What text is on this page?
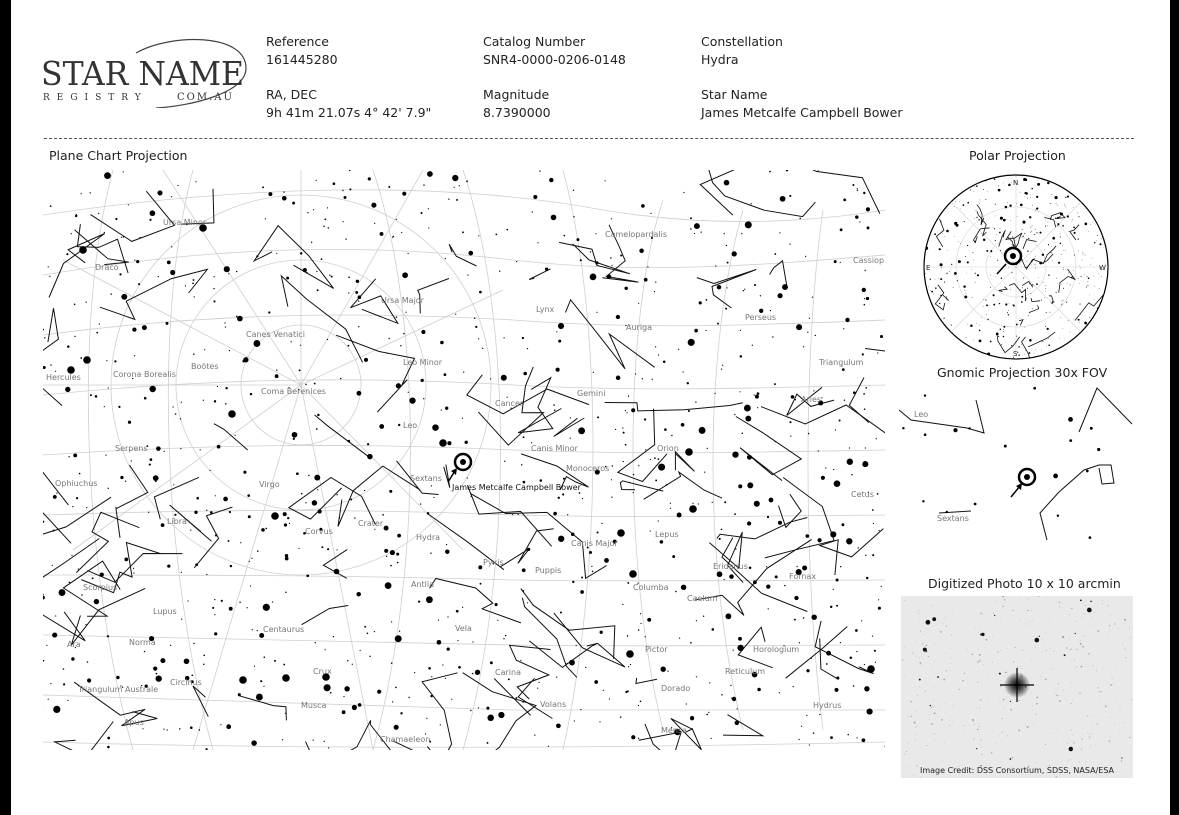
STAR NAME
REGISTRY	COM.AU
Reference
161445280
Catalog Number
SNR4-0000-0206-0148
Constellation
Hydra
RA, DEC
9h 41m 21.07s 4° 42' 7.9"
Magnitude
8.7390000
Star Name
James Metcalfe Campbell Bower
Plane Chart Projection	Polar Projection
Gnomic Projection 30x FOV
Digitized Photo 10 x 10 arcmin
Ursa Minor
Draco
Camelopardalis
Cassiop
Ursa Major
Lynx
Canes Venatici
Auriga
Perseus
Hercules	Corona Borealis
Boötes	Leo Minor	Triangulum
Coma Berenices
Cancer
Gemini
Aries
Leo
Serpens	Canis Minor	Orion
Monoceros
Sextans
Ophiuchus	Virgo
Cetus
Libra
Corvus
Crater
Hydra	Lepus
Canis Major
Eridanus
Scorpius	Antlia
Pyxis
Puppis
Fornax
Columba
Lupus
Caelum
Norma
Centaurus	Vela
Ara
Pictor	Horologium
Crux	Reticulum
Carina
Circinus
Dorado
Triangulum Australe
Musca	Volans	Hydrus
Apus
Mensa
Chamaeleon
James Metcalfe Campbell Bower
N
E	W
S
Leo
Sextans
Image Credit: DSS Consortium, SDSS, NASA/ESA
